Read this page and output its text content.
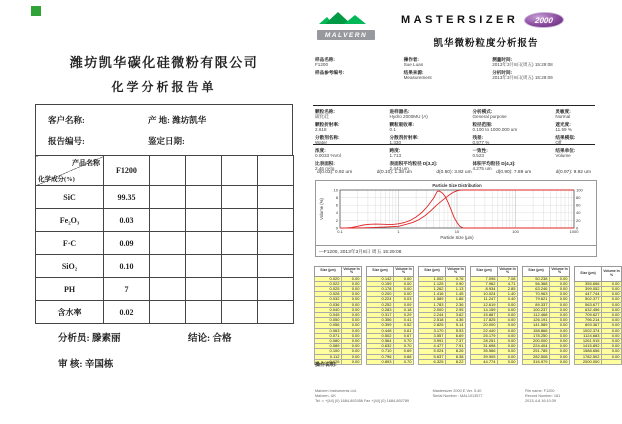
潍坊凯华碳化硅微粉有限公司
化学分析报告单
客户名称:	产 地: 潍坊凯华
报告编号:	鉴定日期:
产品名称
化学成分(%)	F1200				
SiC	99.35				
Fe₂O₃	0.03				
F·C	0.09				
SiO₂	0.10				
PH	7				
含水率	0.02				
分析员: 滕素丽	结论: 合格
审 核: 辛国栋
MALVERN
MASTERSIZER	2000
凯华微粉粒度分析报告
样品名称:
F1200
操作者:
Sue Luan
测量时间:
2013年3月8日(周五) 15:29:08
样品参考编号:	结果来源:
Measurement
分析时间:
2013年3月8日(周五) 15:29:09
颗粒名称:
碳化硅
进样器名:
Hydro 2000MU (A)
分析模式:
General purpose
灵敏度:
Normal
颗粒折射率:
2.618
颗粒吸收率:
0.1
粒径范围:
0.100 to 1000.000 um
遮光度:
11.59 %
分散剂名称:
Water
分散剂折射率:
1.330
残差:
0.977 %
结果模拟:
Off
浓度:
0.0033 %Vol
跨度:
1.713
一致性:
0.523
结果单位:
Volume
比表面积:
2.46 m²/g
表面积平均粒径 D[3,2]:
2.443 um
体积平均粒径 D[4,3]:
4.275 um
d(0.03): 0.92 um	d(0.10): 1.38 um	d(0.50): 3.82 um	d(0.90): 7.89 um	d(0.97): 9.92 um
0.1	1	10	100	1000
0
2
4
6
8
10
0
20
40
60
80
100
Particle Size Distribution
Particle Size (µm)
Volume (%)
—F1200, 2013年3月8日 周五 15:29:08
Size (µm)	Volume In %
0.020	0.00
0.022	0.00
0.025	0.00
0.028	0.00
0.032	0.00
0.036	0.00
0.040	0.00
0.045	0.00
0.050	0.00
0.056	0.00
0.063	0.00
0.071	0.00
0.080	0.00
0.089	0.00
0.100	0.00
0.112	0.00
0.126	0.00
Size (µm)	Volume In %
0.142	0.00
0.159	0.00
0.178	0.00
0.200	0.00
0.224	0.03
0.252	0.09
0.283	0.18
0.317	0.29
0.356	0.41
0.399	0.52
0.448	0.61
0.502	0.67
0.564	0.70
0.632	0.70
0.710	0.69
0.796	0.68
0.893	0.70
Size (µm)	Volume In %
1.002	0.76
1.125	0.90
1.262	1.13
1.416	1.45
1.589	1.86
1.783	2.36
2.000	2.95
2.244	3.62
2.518	4.36
2.825	5.14
3.170	5.93
3.557	6.69
3.991	7.37
4.477	7.91
5.024	8.26
5.637	8.38
6.325	8.22
Size (µm)	Volume In %
7.096	7.08
7.962	4.71
8.934	2.85
10.024	1.40
11.247	0.40
12.619	0.00
14.159	0.00
15.887	0.00
17.825	0.00
20.000	0.00
22.440	0.00
25.179	0.00
28.251	0.00
31.698	0.00
35.566	0.00
39.905	0.00
44.774	0.00
Size (µm)	Volume In %
50.238	0.00
56.368	0.00
63.246	0.00
70.963	0.00
79.621	0.00
89.337	0.00
100.237	0.00
112.468	0.00
126.191	0.00
141.589	0.00
158.866	0.00
178.250	0.00
200.000	0.00
224.404	0.00
251.785	0.00
282.508	0.00
316.979	0.00
Size (µm)	Volume In %
355.656	0.00
399.052	0.00
447.744	0.00
502.377	0.00
563.677	0.00
632.456	0.00
709.627	0.00
796.214	0.00
893.367	0.00
1002.374	0.00
1124.683	0.00
1261.915	0.00
1415.892	0.00
1588.656	0.00
1782.502	0.00
2000.000	
操作说明:
Malvern Instruments Ltd.
Malvern, UK
Tel := +[44] (0) 1684-892456 Fax +[44] (0) 1684-892789
Mastersizer 2000 E Ver. 5.40
Serial Number : MAL1013577
File name: F1200
Record Number: 181
2013-4-6 16:10:39
